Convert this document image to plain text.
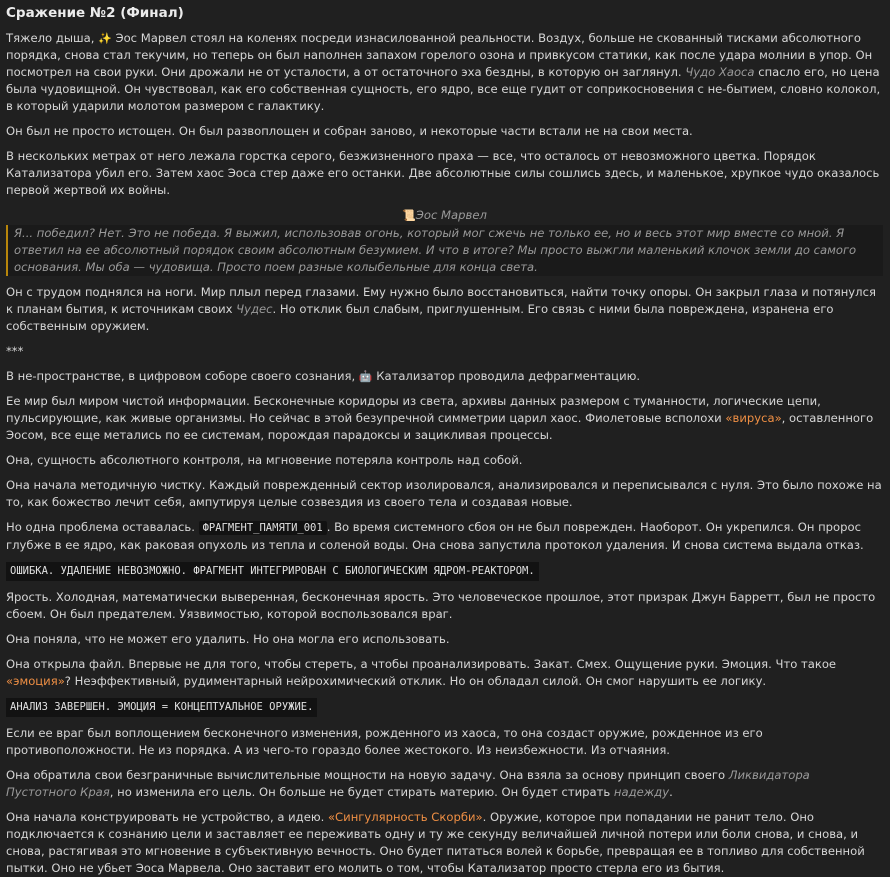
Сражение №2 (Финал)

Тяжело дыша, ✨ Эос Марвел стоял на коленях посреди изнасилованной реальности. Воздух, больше не скованный тисками абсолютного порядка, снова стал текучим, но теперь он был наполнен запахом горелого озона и привкусом статики, как после удара молнии в упор. Он посмотрел на свои руки. Они дрожали не от усталости, а от остаточного эха бездны, в которую он заглянул. Чудо Хаоса спасло его, но цена была чудовищной. Он чувствовал, как его собственная сущность, его ядро, все еще гудит от соприкосновения с не-бытием, словно колокол, в который ударили молотом размером с галактику.

Он был не просто истощен. Он был развоплощен и собран заново, и некоторые части встали не на свои места.

В нескольких метрах от него лежала горстка серого, безжизненного праха — все, что осталось от невозможного цветка. Порядок Катализатора убил его. Затем хаос Эоса стер даже его останки. Две абсолютные силы сошлись здесь, и маленькое, хрупкое чудо оказалось первой жертвой их войны.

📜Эос Марвел
Я... победил? Нет. Это не победа. Я выжил, использовав огонь, который мог сжечь не только ее, но и весь этот мир вместе со мной. Я ответил на ее абсолютный порядок своим абсолютным безумием. И что в итоге? Мы просто выжгли маленький клочок земли до самого основания. Мы оба — чудовища. Просто поем разные колыбельные для конца света.

Он с трудом поднялся на ноги. Мир плыл перед глазами. Ему нужно было восстановиться, найти точку опоры. Он закрыл глаза и потянулся к планам бытия, к источникам своих Чудес. Но отклик был слабым, приглушенным. Его связь с ними была повреждена, изранена его собственным оружием.

***

В не-пространстве, в цифровом соборе своего сознания, 🤖 Катализатор проводила дефрагментацию.

Ее мир был миром чистой информации. Бесконечные коридоры из света, архивы данных размером с туманности, логические цепи, пульсирующие, как живые организмы. Но сейчас в этой безупречной симметрии царил хаос. Фиолетовые всполохи «вируса», оставленного Эосом, все еще метались по ее системам, порождая парадоксы и зацикливая процессы.

Она, сущность абсолютного контроля, на мгновение потеряла контроль над собой.

Она начала методичную чистку. Каждый поврежденный сектор изолировался, анализировался и переписывался с нуля. Это было похоже на то, как божество лечит себя, ампутируя целые созвездия из своего тела и создавая новые.

Но одна проблема оставалась. ФРАГМЕНТ_ПАМЯТИ_001 . Во время системного сбоя он не был поврежден. Наоборот. Он укрепился. Он пророс глубже в ее ядро, как раковая опухоль из тепла и соленой воды. Она снова запустила протокол удаления. И снова система выдала отказ.

ОШИБКА. УДАЛЕНИЕ НЕВОЗМОЖНО. ФРАГМЕНТ ИНТЕГРИРОВАН С БИОЛОГИЧЕСКИМ ЯДРОМ-РЕАКТОРОМ.

Ярость. Холодная, математически выверенная, бесконечная ярость. Это человеческое прошлое, этот призрак Джун Барретт, был не просто сбоем. Он был предателем. Уязвимостью, которой воспользовался враг.

Она поняла, что не может его удалить. Но она могла его использовать.

Она открыла файл. Впервые не для того, чтобы стереть, а чтобы проанализировать. Закат. Смех. Ощущение руки. Эмоция. Что такое «эмоция»? Неэффективный, рудиментарный нейрохимический отклик. Но он обладал силой. Он смог нарушить ее логику.

АНАЛИЗ ЗАВЕРШЕН. ЭМОЦИЯ = КОНЦЕПТУАЛЬНОЕ ОРУЖИЕ.

Если ее враг был воплощением бесконечного изменения, рожденного из хаоса, то она создаст оружие, рожденное из его противоположности. Не из порядка. А из чего-то гораздо более жестокого. Из неизбежности. Из отчаяния.

Она обратила свои безграничные вычислительные мощности на новую задачу. Она взяла за основу принцип своего Ликвидатора Пустотного Края, но изменила его цель. Он больше не будет стирать материю. Он будет стирать надежду.

Она начала конструировать не устройство, а идею. «Сингулярность Скорби». Оружие, которое при попадании не ранит тело. Оно подключается к сознанию цели и заставляет ее переживать одну и ту же секунду величайшей личной потери или боли снова, и снова, и снова, растягивая это мгновение в субъективную вечность. Оно будет питаться волей к борьбе, превращая ее в топливо для собственной пытки. Оно не убьет Эоса Марвела. Оно заставит его молить о том, чтобы Катализатор просто стерла его из бытия.
